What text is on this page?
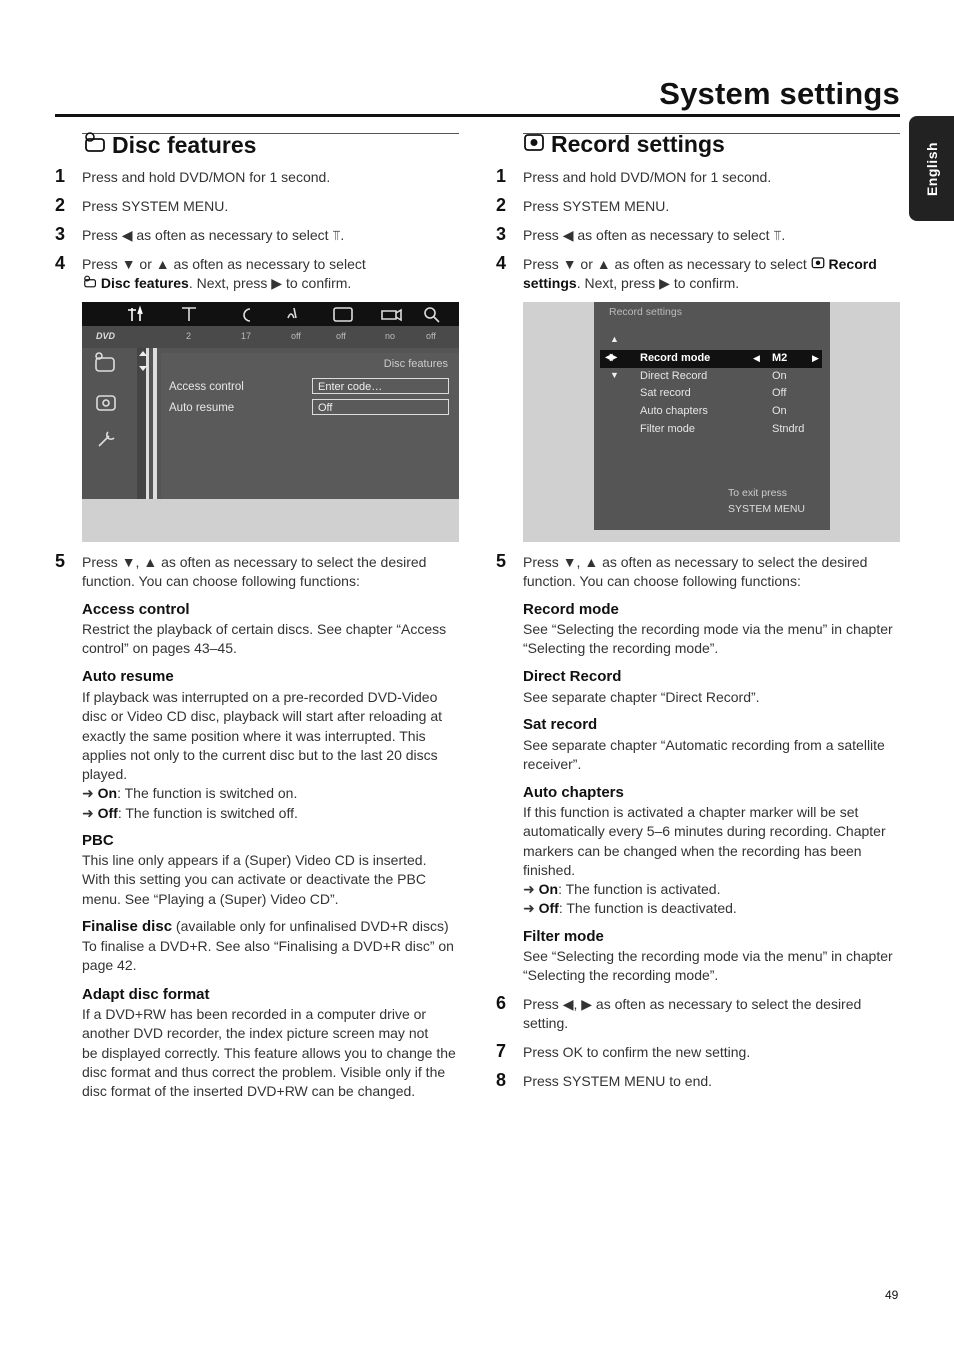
System settings
English
Disc features
1 Press and hold DVD/MON for 1 second.
2 Press SYSTEM MENU.
3 Press ◀ as often as necessary to select ⫪.
4 Press ▼ or ▲ as often as necessary to select
Disc features. Next, press ▶ to confirm.
DVD	2	17	off	off	no	off
Disc features
Access control	Enter code…
Auto resume	Off
5 Press ▼, ▲ as often as necessary to select the desired
function. You can choose following functions:
Access control
Restrict the playback of certain discs. See chapter “Access
control” on pages 43–45.
Auto resume
If playback was interrupted on a pre-recorded DVD-Video
disc or Video CD disc, playback will start after reloading at
exactly the same position where it was interrupted. This
applies not only to the current disc but to the last 20 discs
played.
➜ On: The function is switched on.
➜ Off: The function is switched off.
PBC
This line only appears if a (Super) Video CD is inserted.
With this setting you can activate or deactivate the PBC
menu. See “Playing a (Super) Video CD”.
Finalise disc (available only for unfinalised DVD+R discs)
To finalise a DVD+R. See also “Finalising a DVD+R disc” on
page 42.
Adapt disc format
If a DVD+RW has been recorded in a computer drive or
another DVD recorder, the index picture screen may not
be displayed correctly. This feature allows you to change the
disc format and thus correct the problem. Visible only if the
disc format of the inserted DVD+RW can be changed.
Record settings
1 Press and hold DVD/MON for 1 second.
2 Press SYSTEM MENU.
3 Press ◀ as often as necessary to select ⫪.
4 Press ▼ or ▲ as often as necessary to select  Record
settings. Next, press ▶ to confirm.
Record settings
▲
▼
◀▶ Record mode	◀ M2	▶
Direct Record	On
Sat record	Off
Auto chapters	On
Filter mode	Stndrd
To exit press
SYSTEM MENU
5 Press ▼, ▲ as often as necessary to select the desired
function. You can choose following functions:
Record mode
See “Selecting the recording mode via the menu” in chapter
“Selecting the recording mode”.
Direct Record
See separate chapter “Direct Record”.
Sat record
See separate chapter “Automatic recording from a satellite
receiver”.
Auto chapters
If this function is activated a chapter marker will be set
automatically every 5–6 minutes during recording. Chapter
markers can be changed when the recording has been
finished.
➜ On: The function is activated.
➜ Off: The function is deactivated.
Filter mode
See “Selecting the recording mode via the menu” in chapter
“Selecting the recording mode”.
6 Press ◀, ▶ as often as necessary to select the desired
setting.
7 Press OK to confirm the new setting.
8 Press SYSTEM MENU to end.
49
